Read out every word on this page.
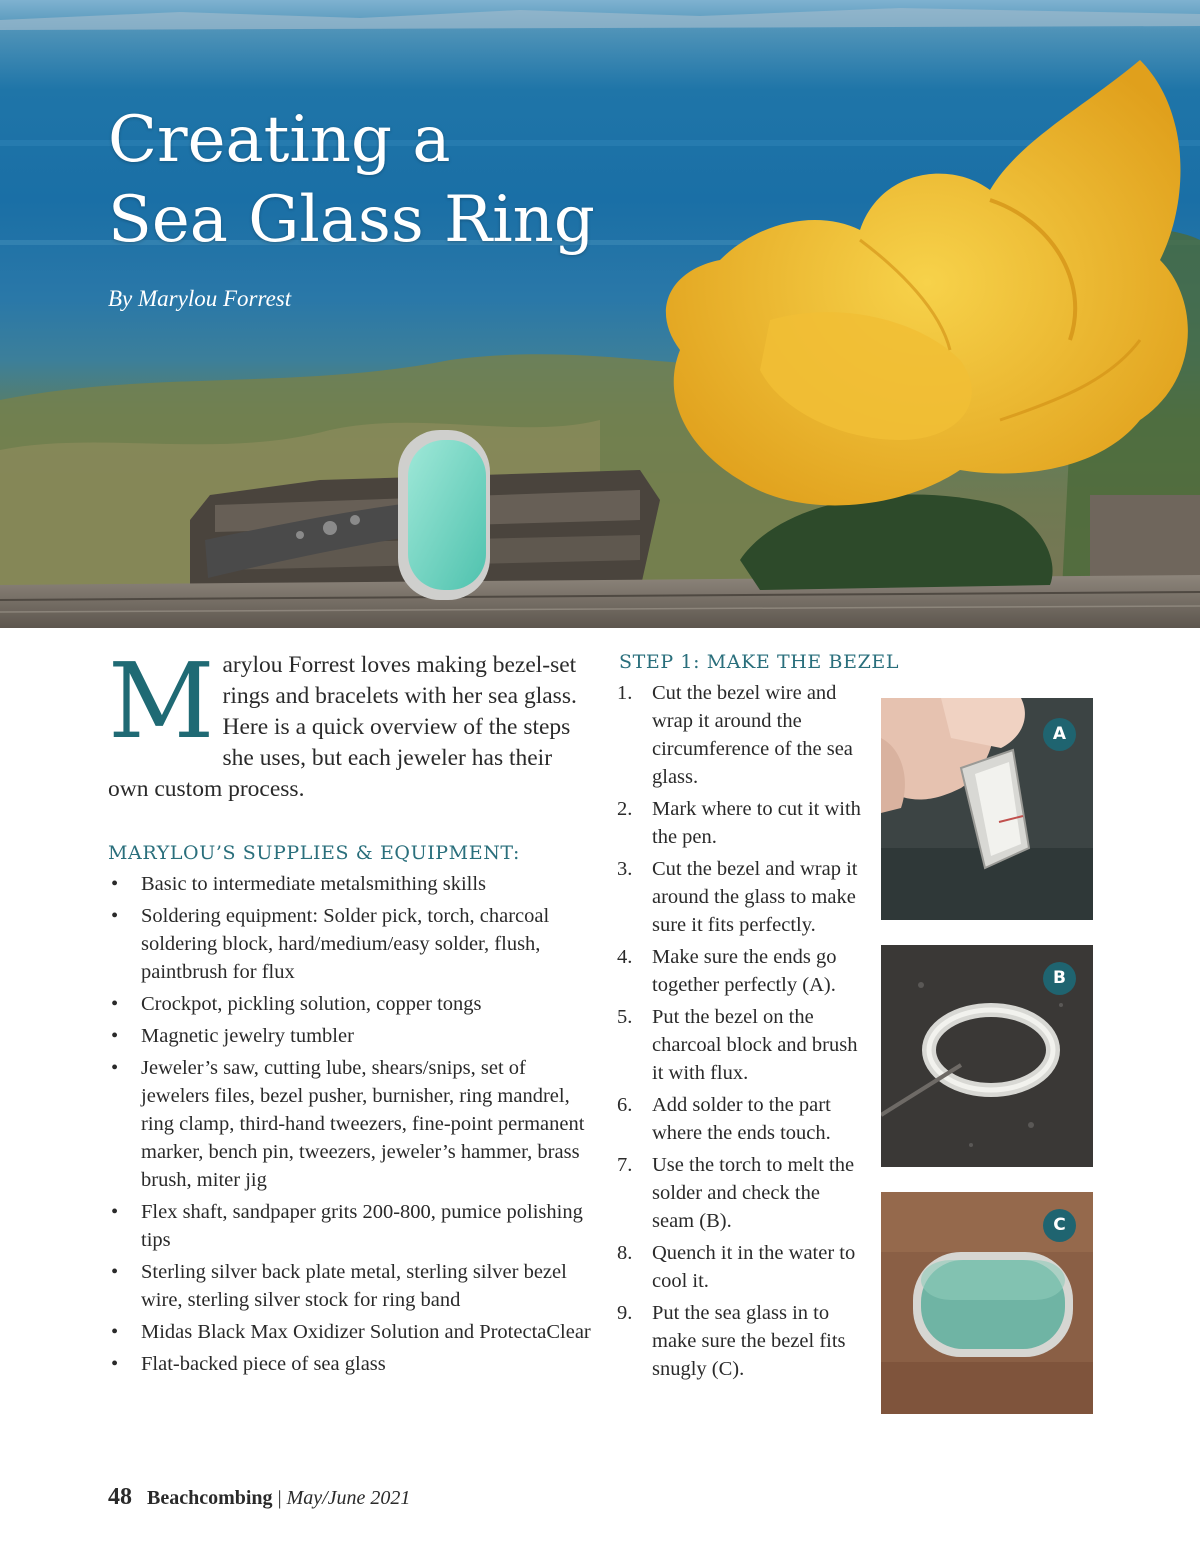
Creating a
Sea Glass Ring
By Marylou Forrest
M arylou Forrest loves making bezel-set rings and bracelets with her sea glass. Here is a quick overview of the steps she uses, but each jeweler has their own custom process.

MARYLOU’S SUPPLIES & EQUIPMENT:
• Basic to intermediate metalsmithing skills
• Soldering equipment: Solder pick, torch, charcoal soldering block, hard/medium/easy solder, flush, paintbrush for flux
• Crockpot, pickling solution, copper tongs
• Magnetic jewelry tumbler
• Jeweler’s saw, cutting lube, shears/snips, set of jewelers files, bezel pusher, burnisher, ring mandrel, ring clamp, third-hand tweezers, fine-point permanent marker, bench pin, tweezers, jeweler’s hammer, brass brush, miter jig
• Flex shaft, sandpaper grits 200-800, pumice polishing tips
• Sterling silver back plate metal, sterling silver bezel wire, sterling silver stock for ring band
• Midas Black Max Oxidizer Solution and ProtectaClear
• Flat-backed piece of sea glass
STEP 1: MAKE THE BEZEL
1. Cut the bezel wire and wrap it around the circumference of the sea glass.
2. Mark where to cut it with the pen.
3. Cut the bezel and wrap it around the glass to make sure it fits perfectly.
4. Make sure the ends go together perfectly (A).
5. Put the bezel on the charcoal block and brush it with flux.
6. Add solder to the part where the ends touch.
7. Use the torch to melt the solder and check the seam (B).
8. Quench it in the water to cool it.
9. Put the sea glass in to make sure the bezel fits snugly (C).
A
B
C
48 Beachcombing | May/June 2021
